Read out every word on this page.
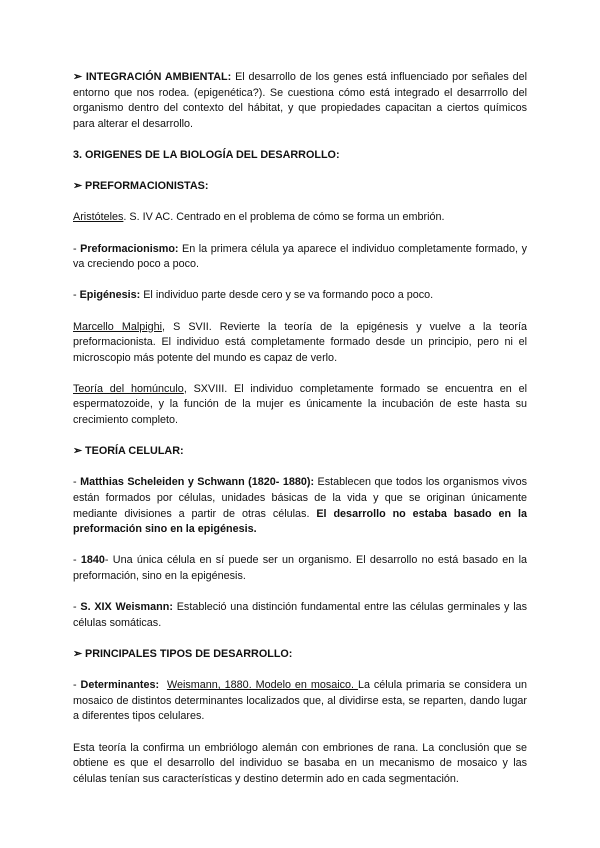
➢ INTEGRACIÓN AMBIENTAL: El desarrollo de los genes está influenciado por señales del entorno que nos rodea. (epigenética?). Se cuestiona cómo está integrado el desarrrollo del organismo dentro del contexto del hábitat, y que propiedades capacitan a ciertos químicos para alterar el desarrollo.

3. ORIGENES DE LA BIOLOGÍA DEL DESARROLLO:

➢ PREFORMACIONISTAS:

Aristóteles. S. IV AC. Centrado en el problema de cómo se forma un embrión.

- Preformacionismo: En la primera célula ya aparece el individuo completamente formado, y va creciendo poco a poco.

- Epigénesis: El individuo parte desde cero y se va formando poco a poco.

Marcello Malpighi, S SVII. Revierte la teoría de la epigénesis y vuelve a la teoría preformacionista. El individuo está completamente formado desde un principio, pero ni el microscopio más potente del mundo es capaz de verlo.

Teoría del homúnculo, SXVIII. El individuo completamente formado se encuentra en el espermatozoide, y la función de la mujer es únicamente la incubación de este hasta su crecimiento completo.

➢ TEORÍA CELULAR:

- Matthias Scheleiden y Schwann (1820- 1880): Establecen que todos los organismos vivos están formados por células, unidades básicas de la vida y que se originan únicamente mediante divisiones a partir de otras células. El desarrollo no estaba basado en la preformación sino en la epigénesis.

- 1840- Una única célula en sí puede ser un organismo. El desarrollo no está basado en la preformación, sino en la epigénesis.

- S. XIX Weismann: Estableció una distinción fundamental entre las células germinales y las células somáticas.

➢ PRINCIPALES TIPOS DE DESARROLLO:

- Determinantes: Weismann, 1880. Modelo en mosaico. La célula primaria se considera un mosaico de distintos determinantes localizados que, al dividirse esta, se reparten, dando lugar a diferentes tipos celulares.

Esta teoría la confirma un embriólogo alemán con embriones de rana. La conclusión que se obtiene es que el desarrollo del individuo se basaba en un mecanismo de mosaico y las células tenían sus características y destino determin ado en cada segmentación.
